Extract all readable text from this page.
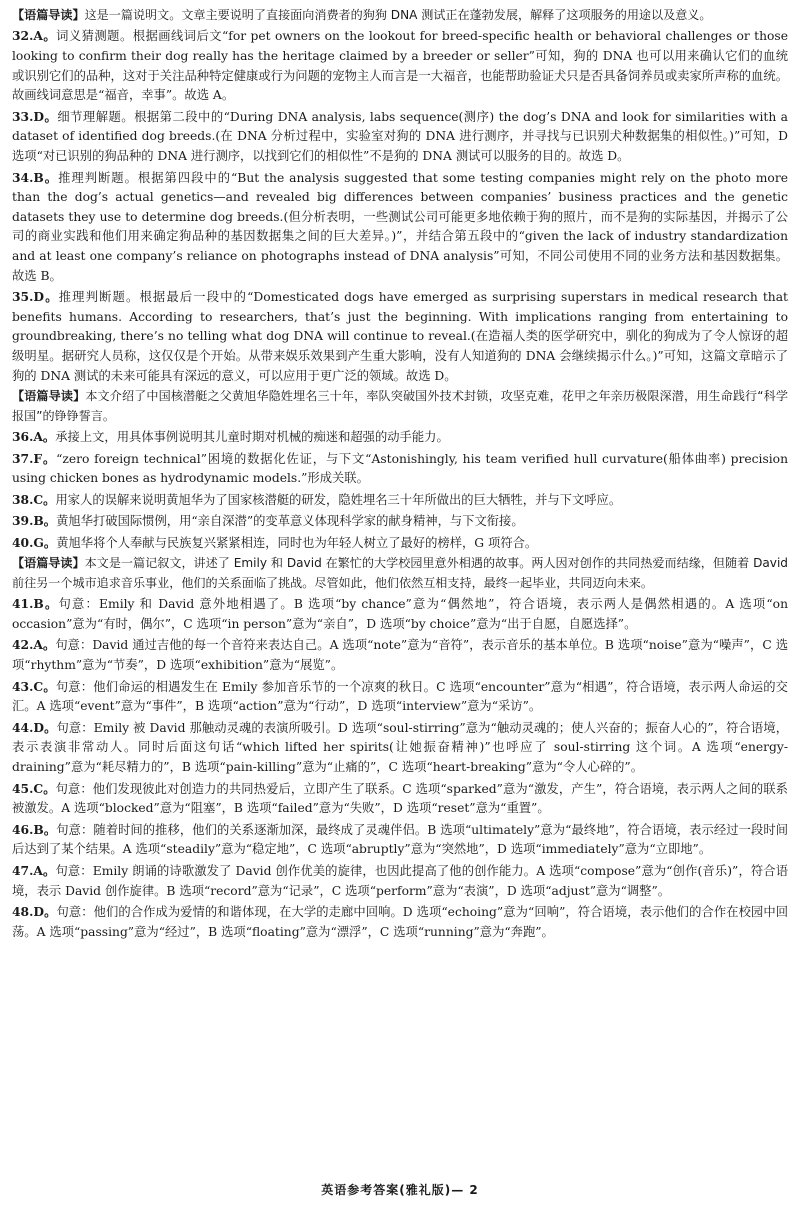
【语篇导读】这是一篇说明文。文章主要说明了直接面向消费者的狗狗 DNA 测试正在蓬勃发展，解释了这项服务的用途以及意义。

32.A。词义猜测题。根据画线词后文“for pet owners on the lookout for breed-specific health or behavioral challenges or those looking to confirm their dog really has the heritage claimed by a breeder or seller”可知，狗的 DNA 也可以用来确认它们的血统或识别它们的品种，这对于关注品种特定健康或行为问题的宠物主人而言是一大福音，也能帮助验证犬只是否具备饲养员或卖家所声称的血统。故画线词意思是“福音，幸事”。故选 A。

33.D。细节理解题。根据第二段中的“During DNA analysis, labs sequence(测序) the dog’s DNA and look for similarities with a dataset of identified dog breeds.(在 DNA 分析过程中，实验室对狗的 DNA 进行测序，并寻找与已识别犬种数据集的相似性。)”可知，D 选项“对已识别的狗品种的 DNA 进行测序，以找到它们的相似性”不是狗的 DNA 测试可以服务的目的。故选 D。

34.B。推理判断题。根据第四段中的“But the analysis suggested that some testing companies might rely on the photo more than the dog’s actual genetics—and revealed big differences between companies’ business practices and the genetic datasets they use to determine dog breeds.(但分析表明，一些测试公司可能更多地依赖于狗的照片，而不是狗的实际基因，并揭示了公司的商业实践和他们用来确定狗品种的基因数据集之间的巨大差异。)”，并结合第五段中的“given the lack of industry standardization and at least one company’s reliance on photographs instead of DNA analysis”可知，不同公司使用不同的业务方法和基因数据集。故选 B。

35.D。推理判断题。根据最后一段中的“Domesticated dogs have emerged as surprising superstars in medical research that benefits humans. According to researchers, that’s just the beginning. With implications ranging from entertaining to groundbreaking, there’s no telling what dog DNA will continue to reveal.(在造福人类的医学研究中，驯化的狗成为了令人惊讶的超级明星。据研究人员称，这仅仅是个开始。从带来娱乐效果到产生重大影响，没有人知道狗的 DNA 会继续揭示什么。)”可知，这篇文章暗示了狗的 DNA 测试的未来可能具有深远的意义，可以应用于更广泛的领域。故选 D。

【语篇导读】本文介绍了中国核潜艇之父黄旭华隐姓埋名三十年，率队突破国外技术封锁，攻坚克难，花甲之年亲历极限深潜，用生命践行“科学报国”的铮铮誓言。

36.A。承接上文，用具体事例说明其儿童时期对机械的痴迷和超强的动手能力。

37.F。“zero foreign technical”困境的数据化佐证，与下文“Astonishingly, his team verified hull curvature(船体曲率) precision using chicken bones as hydrodynamic models.”形成关联。

38.C。用家人的误解来说明黄旭华为了国家核潜艇的研发，隐姓埋名三十年所做出的巨大牺牲，并与下文呼应。

39.B。黄旭华打破国际惯例，用“亲自深潜”的变革意义体现科学家的献身精神，与下文衔接。

40.G。黄旭华将个人奉献与民族复兴紧紧相连，同时也为年轻人树立了最好的榜样，G 项符合。

【语篇导读】本文是一篇记叙文，讲述了 Emily 和 David 在繁忙的大学校园里意外相遇的故事。两人因对创作的共同热爱而结缘，但随着 David 前往另一个城市追求音乐事业，他们的关系面临了挑战。尽管如此，他们依然互相支持，最终一起毕业，共同迈向未来。

41.B。句意：Emily 和 David 意外地相遇了。B 选项“by chance”意为“偶然地”，符合语境，表示两人是偶然相遇的。A 选项“on occasion”意为“有时，偶尔”，C 选项“in person”意为“亲自”，D 选项“by choice”意为“出于自愿，自愿选择”。

42.A。句意：David 通过吉他的每一个音符来表达自己。A 选项“note”意为“音符”，表示音乐的基本单位。B 选项“noise”意为“噪声”，C 选项“rhythm”意为“节奏”，D 选项“exhibition”意为“展览”。

43.C。句意：他们命运的相遇发生在 Emily 参加音乐节的一个凉爽的秋日。C 选项“encounter”意为“相遇”，符合语境，表示两人命运的交汇。A 选项“event”意为“事件”，B 选项“action”意为“行动”，D 选项“interview”意为“采访”。

44.D。句意：Emily 被 David 那触动灵魂的表演所吸引。D 选项“soul-stirring”意为“触动灵魂的；使人兴奋的；振奋人心的”，符合语境，表示表演非常动人。同时后面这句话“which lifted her spirits(让她振奋精神)”也呼应了 soul-stirring 这个词。A 选项“energy-draining”意为“耗尽精力的”，B 选项“pain-killing”意为“止痛的”，C 选项“heart-breaking”意为“令人心碎的”。

45.C。句意：他们发现彼此对创造力的共同热爱后，立即产生了联系。C 选项“sparked”意为“激发，产生”，符合语境，表示两人之间的联系被激发。A 选项“blocked”意为“阻塞”，B 选项“failed”意为“失败”，D 选项“reset”意为“重置”。

46.B。句意：随着时间的推移，他们的关系逐渐加深，最终成了灵魂伴侣。B 选项“ultimately”意为“最终地”，符合语境，表示经过一段时间后达到了某个结果。A 选项“steadily”意为“稳定地”，C 选项“abruptly”意为“突然地”，D 选项“immediately”意为“立即地”。

47.A。句意：Emily 朗诵的诗歌激发了 David 创作优美的旋律，也因此提高了他的创作能力。A 选项“compose”意为“创作(音乐)”，符合语境，表示 David 创作旋律。B 选项“record”意为“记录”，C 选项“perform”意为“表演”，D 选项“adjust”意为“调整”。

48.D。句意：他们的合作成为爱情的和谐体现，在大学的走廊中回响。D 选项“echoing”意为“回响”，符合语境，表示他们的合作在校园中回荡。A 选项“passing”意为“经过”，B 选项“floating”意为“漂浮”，C 选项“running”意为“奔跑”。

英语参考答案(雅礼版)— 2
